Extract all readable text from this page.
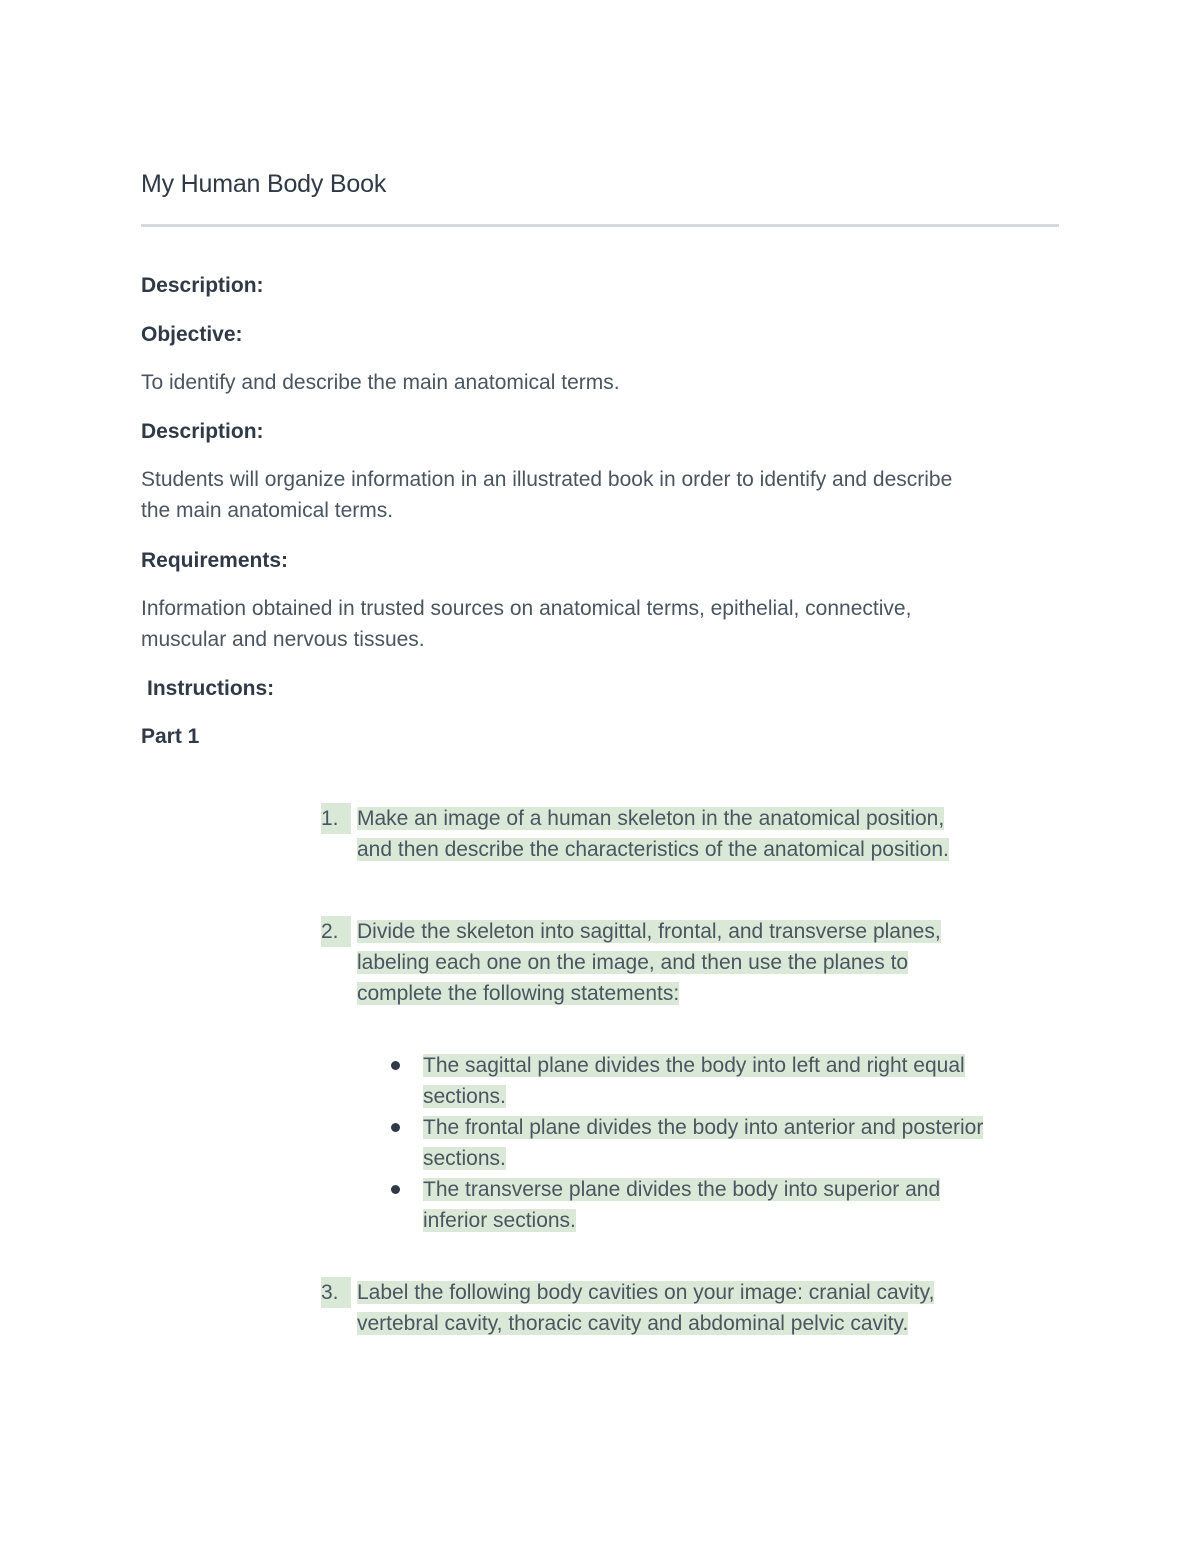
My Human Body Book
Description:
Objective:
To identify and describe the main anatomical terms.
Description:
Students will organize information in an illustrated book in order to identify and describe
the main anatomical terms.
Requirements:
Information obtained in trusted sources on anatomical terms, epithelial, connective,
muscular and nervous tissues.
Instructions:
Part 1
1. Make an image of a human skeleton in the anatomical position,
and then describe the characteristics of the anatomical position.
2. Divide the skeleton into sagittal, frontal, and transverse planes,
labeling each one on the image, and then use the planes to
complete the following statements:
The sagittal plane divides the body into left and right equal
sections.
The frontal plane divides the body into anterior and posterior
sections.
The transverse plane divides the body into superior and
inferior sections.
3. Label the following body cavities on your image: cranial cavity,
vertebral cavity, thoracic cavity and abdominal pelvic cavity.
